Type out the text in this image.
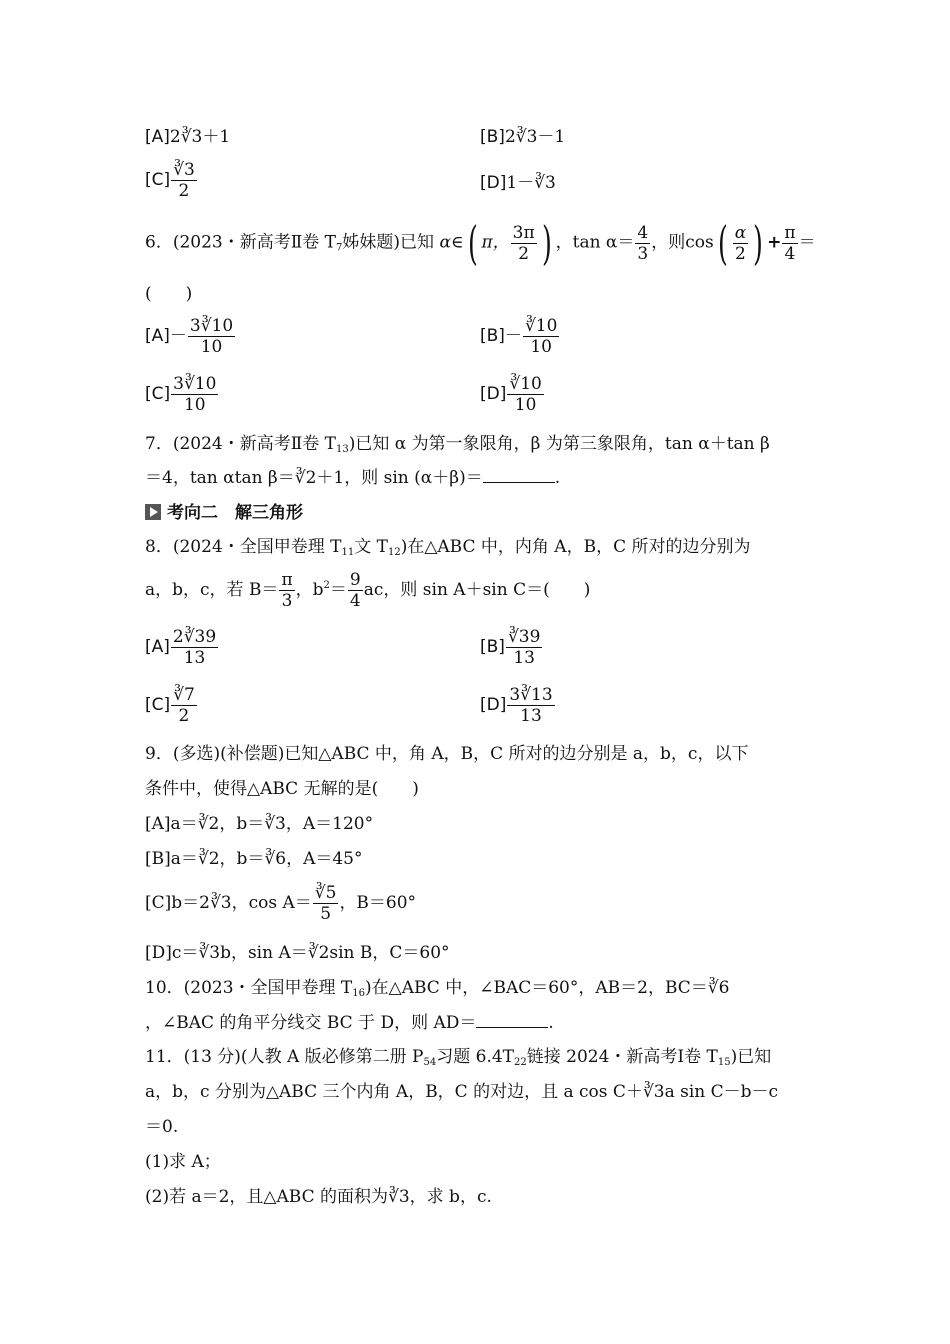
[A]2∛3＋1	[B]2∛3－1
$[C] \frac{∛3}{2}$	[D]1－∛3
6．(2023・新高考Ⅱ卷 $T_7$姊妹题)已知 α∈( π， $\frac{3\pi}{2}$ ) ，$\tan \alpha= \frac{4}{3}$ ，则$\cos( \frac{\alpha}{2}$ ) + $\frac{\pi}{4}$ ＝
(　　)
$[A]- \frac{3∛10}{10}$	$[B]- \frac{∛10}{10}$
$[C] \frac{3∛10}{10}$	$[D] \frac{∛10}{10}$
7．(2024・新高考Ⅱ卷 $T_{13}$)已知 α 为第一象限角，β 为第三象限角，tan α＋tan β
＝4，tan αtan β＝∛2＋1，则 sin (α＋β)＝	.
考向二　解三角形
8．(2024・全国甲卷理 $T_{11}$文 $T_{12}$)在△ABC 中，内角 A，B，C 所对的边分别为
a，b，c，若 $B= \frac{\pi}{3}$ ，$b^2= \frac{9}{4}$ ac，则 sin A＋sin C＝(　　)
$[A] \frac{2∛39}{13}$	$[B] \frac{∛39}{13}$
$[C] \frac{∛7}{2}$	$[D] \frac{3∛13}{13}$
9．(多选)(补偿题)已知△ABC 中，角 A，B，C 所对的边分别是 a，b，c，以下
条件中，使得△ABC 无解的是(　　)
[A]a＝∛2，b＝∛3，A＝120°
[B]a＝∛2，b＝∛6，A＝45°
[C]b＝2∛3，$\cos A= \frac{∛5}{5}$ ，B＝60°
[D]c＝∛3b，sin A＝∛2sin B，C＝60°
10．(2023・全国甲卷理 $T_{16}$)在△ABC 中，∠BAC＝60°，AB＝2，BC＝∛6
，∠BAC 的角平分线交 BC 于 D，则 AD＝	.
11．(13 分)(人教 A 版必修第二册 $P_{54}$习题 $6.4T_{22}$链接 2024・新高考Ⅰ卷 $T_{15}$)已知
a，b，c 分别为△ABC 三个内角 A，B，C 的对边，且 a cos C＋∛3a sin C－b－c
＝0.
(1)求 A；
(2)若 a＝2，且△ABC 的面积为∛3，求 b，c.
